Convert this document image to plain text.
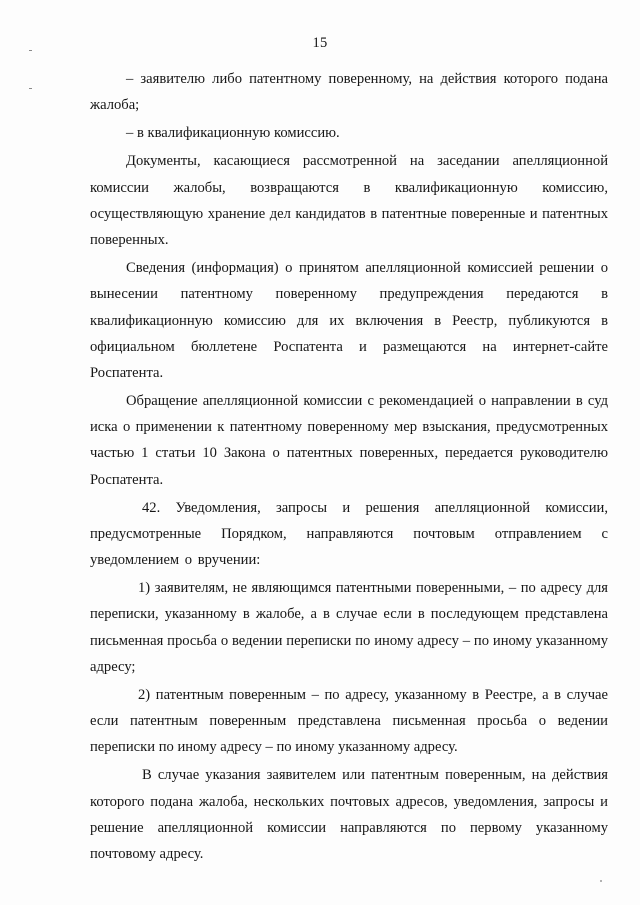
15

– заявителю либо патентному поверенному, на действия которого подана жалоба;

– в квалификационную комиссию.

Документы, касающиеся рассмотренной на заседании апелляционной комиссии жалобы, возвращаются в квалификационную комиссию, осуществляющую хранение дел кандидатов в патентные поверенные и патентных поверенных.

Сведения (информация) о принятом апелляционной комиссией решении о вынесении патентному поверенному предупреждения передаются в квалификационную комиссию для их включения в Реестр, публикуются в официальном бюллетене Роспатента и размещаются на интернет-сайте Роспатента.

Обращение апелляционной комиссии с рекомендацией о направлении в суд иска о применении к патентному поверенному мер взыскания, предусмотренных частью 1 статьи 10 Закона о патентных поверенных, передается руководителю Роспатента.

42. Уведомления, запросы и решения апелляционной комиссии, предусмотренные Порядком, направляются почтовым отправлением с уведомлением о вручении:

1) заявителям, не являющимся патентными поверенными, – по адресу для переписки, указанному в жалобе, а в случае если в последующем представлена письменная просьба о ведении переписки по иному адресу – по иному указанному адресу;

2) патентным поверенным – по адресу, указанному в Реестре, а в случае если патентным поверенным представлена письменная просьба о ведении переписки по иному адресу – по иному указанному адресу.

В случае указания заявителем или патентным поверенным, на действия которого подана жалоба, нескольких почтовых адресов, уведомления, запросы и решение апелляционной комиссии направляются по первому указанному почтовому адресу.
